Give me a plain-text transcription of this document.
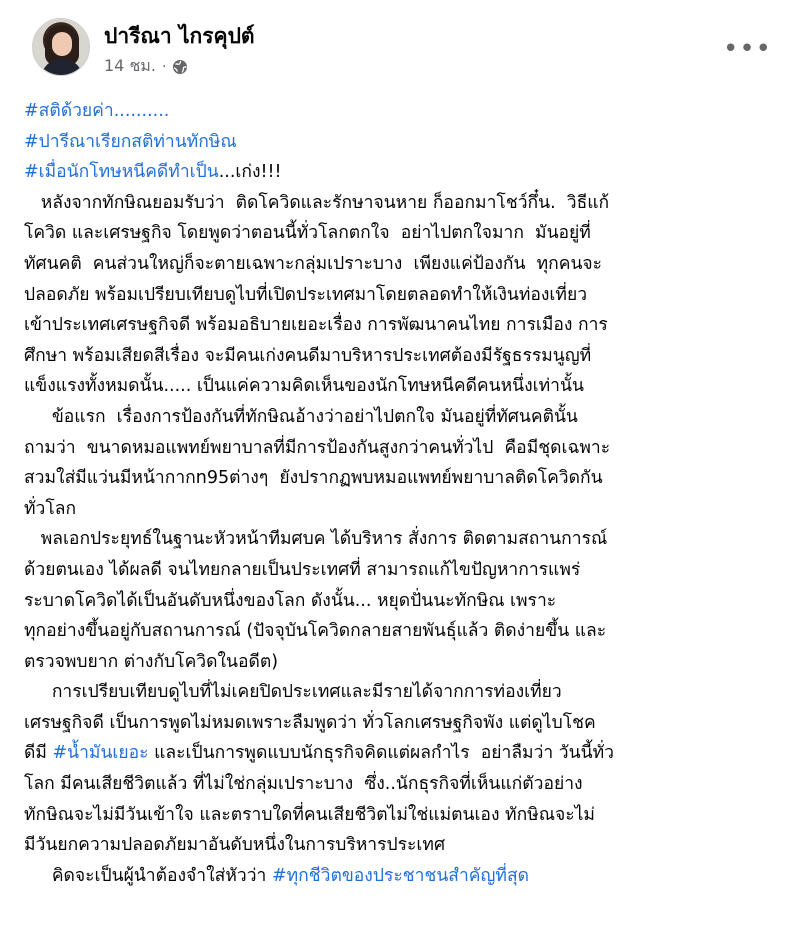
ปารีณา ไกรคุปต์
14 ชม. ·
•••

#สติด้วยค่า..........

#ปารีณาเรียกสติท่านทักษิณ

#เมื่อนักโทษหนีคดีทำเป็น...เก่ง!!!

หลังจากทักษิณยอมรับว่า  ติดโควิดและรักษาจนหาย ก็ออกมาโชว์กึ๋น.  วิธีแก้

โควิด และเศรษฐกิจ โดยพูดว่าตอนนี้ทั่วโลกตกใจ  อย่าไปตกใจมาก  มันอยู่ที่

ทัศนคติ  คนส่วนใหญ่ก็จะตายเฉพาะกลุ่มเปราะบาง  เพียงแค่ป้องกัน  ทุกคนจะ

ปลอดภัย พร้อมเปรียบเทียบดูไบที่เปิดประเทศมาโดยตลอดทำให้เงินท่องเที่ยว

เข้าประเทศเศรษฐกิจดี พร้อมอธิบายเยอะเรื่อง การพัฒนาคนไทย การเมือง การ

ศึกษา พร้อมเสียดสีเรื่อง จะมีคนเก่งคนดีมาบริหารประเทศต้องมีรัฐธรรมนูญที่

แข็งแรงทั้งหมดนั้น..... เป็นแค่ความคิดเห็นของนักโทษหนีคดีคนหนึ่งเท่านั้น

ข้อแรก  เรื่องการป้องกันที่ทักษิณอ้างว่าอย่าไปตกใจ มันอยู่ที่ทัศนคตินั้น

ถามว่า  ขนาดหมอแพทย์พยาบาลที่มีการป้องกันสูงกว่าคนทั่วไป  คือมีชุดเฉพาะ

สวมใส่มีแว่นมีหน้ากากn95ต่างๆ  ยังปรากฏพบหมอแพทย์พยาบาลติดโควิดกัน

ทั่วโลก

พลเอกประยุทธ์ในฐานะหัวหน้าทีมศบค ได้บริหาร สั่งการ ติดตามสถานการณ์

ด้วยตนเอง ได้ผลดี จนไทยกลายเป็นประเทศที่ สามารถแก้ไขปัญหาการแพร่

ระบาดโควิดได้เป็นอันดับหนึ่งของโลก ดังนั้น... หยุดปั่นนะทักษิณ เพราะ

ทุกอย่างขึ้นอยู่กับสถานการณ์ (ปัจจุบันโควิดกลายสายพันธุ์แล้ว ติดง่ายขึ้น และ

ตรวจพบยาก ต่างกับโควิดในอดีต)

การเปรียบเทียบดูไบที่ไม่เคยปิดประเทศและมีรายได้จากการท่องเที่ยว

เศรษฐกิจดี เป็นการพูดไม่หมดเพราะลืมพูดว่า ทั่วโลกเศรษฐกิจพัง แต่ดูไบโชค

ดีมี #น้ำมันเยอะ และเป็นการพูดแบบนักธุรกิจคิดแต่ผลกำไร  อย่าลืมว่า วันนี้ทั่ว

โลก มีคนเสียชีวิตแล้ว ที่ไม่ใช่กลุ่มเปราะบาง  ซึ่ง..นักธุรกิจที่เห็นแก่ตัวอย่าง

ทักษิณจะไม่มีวันเข้าใจ และตราบใดที่คนเสียชีวิตไม่ใช่แม่ตนเอง ทักษิณจะไม่

มีวันยกความปลอดภัยมาอันดับหนึ่งในการบริหารประเทศ

คิดจะเป็นผู้นำต้องจำใส่หัวว่า #ทุกชีวิตของประชาชนสำคัญที่สุด
